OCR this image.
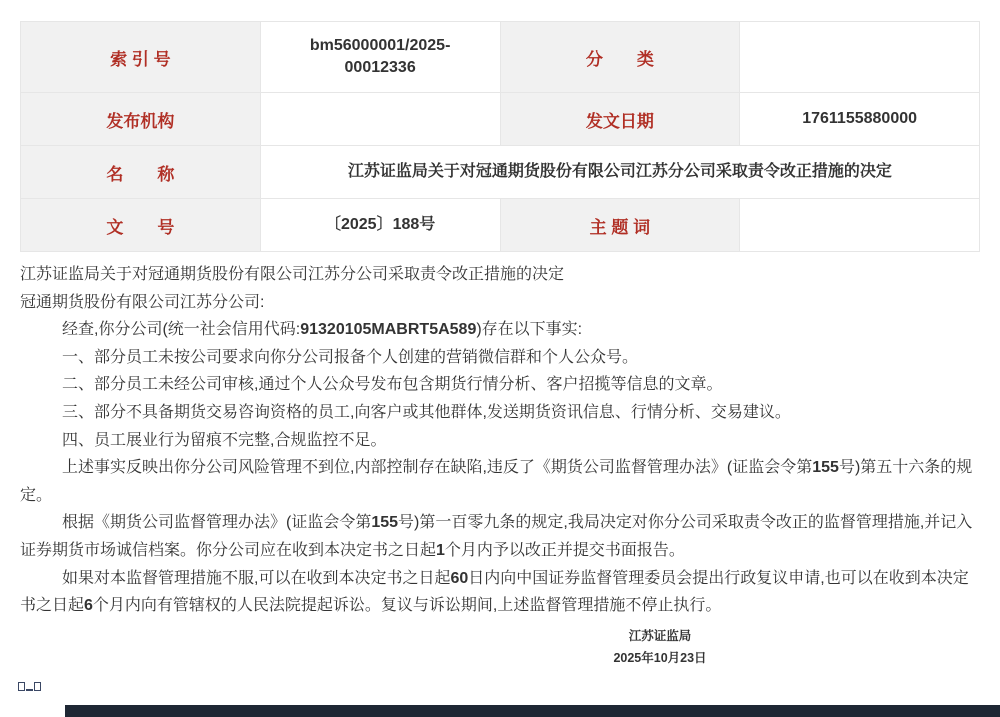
索 引 号	bm56000001/2025-00012336	分　　类	
发布机构		发文日期	1761155880000
名　　称	江苏证监局关于对冠通期货股份有限公司江苏分公司采取责令改正措施的决定		
文　　号	〔2025〕188号	主 题 词	

江苏证监局关于对冠通期货股份有限公司江苏分公司采取责令改正措施的决定

冠通期货股份有限公司江苏分公司:

经查,你分公司(统一社会信用代码:91320105MABRT5A589)存在以下事实:

一、部分员工未按公司要求向你分公司报备个人创建的营销微信群和个人公众号。

二、部分员工未经公司审核,通过个人公众号发布包含期货行情分析、客户招揽等信息的文章。

三、部分不具备期货交易咨询资格的员工,向客户或其他群体,发送期货资讯信息、行情分析、交易建议。

四、员工展业行为留痕不完整,合规监控不足。

上述事实反映出你分公司风险管理不到位,内部控制存在缺陷,违反了《期货公司监督管理办法》(证监会令第155号)第五十六条的规定。

根据《期货公司监督管理办法》(证监会令第155号)第一百零九条的规定,我局决定对你分公司采取责令改正的监督管理措施,并记入证券期货市场诚信档案。你分公司应在收到本决定书之日起1个月内予以改正并提交书面报告。

如果对本监督管理措施不服,可以在收到本决定书之日起60日内向中国证券监督管理委员会提出行政复议申请,也可以在收到本决定书之日起6个月内向有管辖权的人民法院提起诉讼。复议与诉讼期间,上述监督管理措施不停止执行。

江苏证监局
2025年10月23日
